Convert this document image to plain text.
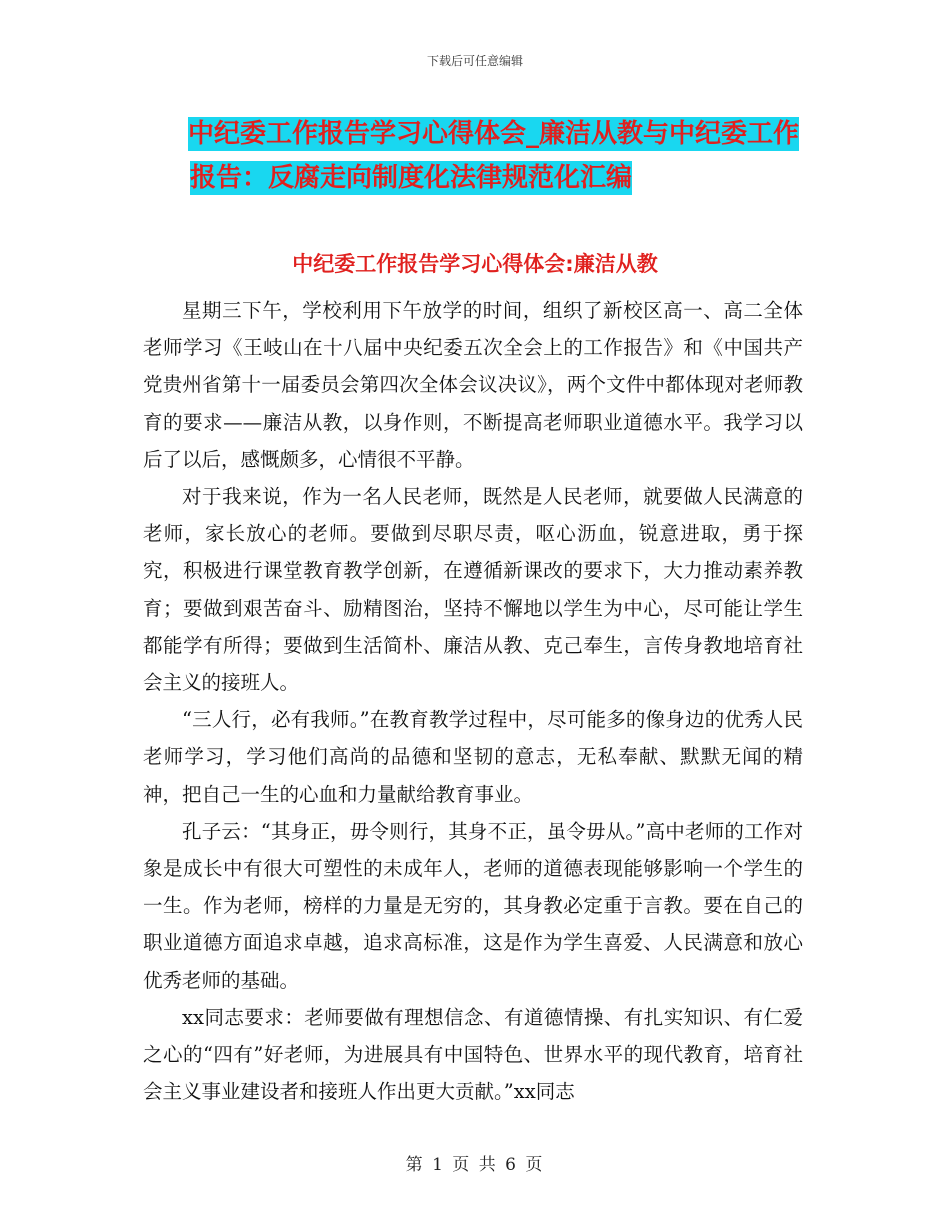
下载后可任意编辑
中纪委工作报告学习心得体会_廉洁从教与中纪委工作
报告：反腐走向制度化法律规范化汇编
中纪委工作报告学习心得体会:廉洁从教

星期三下午，学校利用下午放学的时间，组织了新校区高一、高二全体老师学习《王岐山在十八届中央纪委五次全会上的工作报告》和《中国共产党贵州省第十一届委员会第四次全体会议决议》，两个文件中都体现对老师教育的要求——廉洁从教，以身作则，不断提高老师职业道德水平。我学习以后了以后，感慨颇多，心情很不平静。

对于我来说，作为一名人民老师，既然是人民老师，就要做人民满意的老师，家长放心的老师。要做到尽职尽责，呕心沥血，锐意进取，勇于探究，积极进行课堂教育教学创新，在遵循新课改的要求下，大力推动素养教育；要做到艰苦奋斗、励精图治，坚持不懈地以学生为中心，尽可能让学生都能学有所得；要做到生活简朴、廉洁从教、克己奉生，言传身教地培育社会主义的接班人。

“三人行，必有我师。”在教育教学过程中，尽可能多的像身边的优秀人民老师学习，学习他们高尚的品德和坚韧的意志，无私奉献、默默无闻的精神，把自己一生的心血和力量献给教育事业。

孔子云：“其身正，毋令则行，其身不正，虽令毋从。”高中老师的工作对象是成长中有很大可塑性的未成年人，老师的道德表现能够影响一个学生的一生。作为老师，榜样的力量是无穷的，其身教必定重于言教。要在自己的职业道德方面追求卓越，追求高标准，这是作为学生喜爱、人民满意和放心优秀老师的基础。

xx同志要求：老师要做有理想信念、有道德情操、有扎实知识、有仁爱之心的“四有”好老师，为进展具有中国特色、世界水平的现代教育，培育社会主义事业建设者和接班人作出更大贡献。”xx同志

第 1 页 共 6 页
